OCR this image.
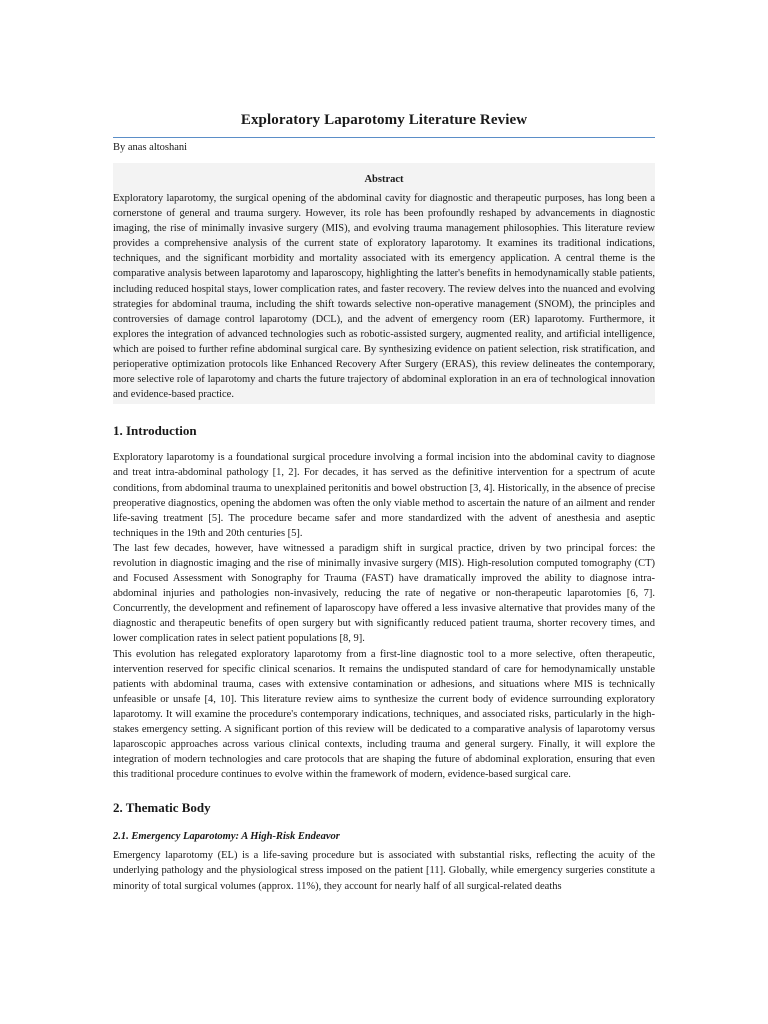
Exploratory Laparotomy Literature Review
By anas altoshani
Abstract

Exploratory laparotomy, the surgical opening of the abdominal cavity for diagnostic and therapeutic purposes, has long been a cornerstone of general and trauma surgery. However, its role has been profoundly reshaped by advancements in diagnostic imaging, the rise of minimally invasive surgery (MIS), and evolving trauma management philosophies. This literature review provides a comprehensive analysis of the current state of exploratory laparotomy. It examines its traditional indications, techniques, and the significant morbidity and mortality associated with its emergency application. A central theme is the comparative analysis between laparotomy and laparoscopy, highlighting the latter's benefits in hemodynamically stable patients, including reduced hospital stays, lower complication rates, and faster recovery. The review delves into the nuanced and evolving strategies for abdominal trauma, including the shift towards selective non-operative management (SNOM), the principles and controversies of damage control laparotomy (DCL), and the advent of emergency room (ER) laparotomy. Furthermore, it explores the integration of advanced technologies such as robotic-assisted surgery, augmented reality, and artificial intelligence, which are poised to further refine abdominal surgical care. By synthesizing evidence on patient selection, risk stratification, and perioperative optimization protocols like Enhanced Recovery After Surgery (ERAS), this review delineates the contemporary, more selective role of laparotomy and charts the future trajectory of abdominal exploration in an era of technological innovation and evidence-based practice.

1. Introduction

Exploratory laparotomy is a foundational surgical procedure involving a formal incision into the abdominal cavity to diagnose and treat intra-abdominal pathology [1, 2]. For decades, it has served as the definitive intervention for a spectrum of acute conditions, from abdominal trauma to unexplained peritonitis and bowel obstruction [3, 4]. Historically, in the absence of precise preoperative diagnostics, opening the abdomen was often the only viable method to ascertain the nature of an ailment and render life-saving treatment [5]. The procedure became safer and more standardized with the advent of anesthesia and aseptic techniques in the 19th and 20th centuries [5].

The last few decades, however, have witnessed a paradigm shift in surgical practice, driven by two principal forces: the revolution in diagnostic imaging and the rise of minimally invasive surgery (MIS). High-resolution computed tomography (CT) and Focused Assessment with Sonography for Trauma (FAST) have dramatically improved the ability to diagnose intra-abdominal injuries and pathologies non-invasively, reducing the rate of negative or non-therapeutic laparotomies [6, 7]. Concurrently, the development and refinement of laparoscopy have offered a less invasive alternative that provides many of the diagnostic and therapeutic benefits of open surgery but with significantly reduced patient trauma, shorter recovery times, and lower complication rates in select patient populations [8, 9].

This evolution has relegated exploratory laparotomy from a first-line diagnostic tool to a more selective, often therapeutic, intervention reserved for specific clinical scenarios. It remains the undisputed standard of care for hemodynamically unstable patients with abdominal trauma, cases with extensive contamination or adhesions, and situations where MIS is technically unfeasible or unsafe [4, 10]. This literature review aims to synthesize the current body of evidence surrounding exploratory laparotomy. It will examine the procedure's contemporary indications, techniques, and associated risks, particularly in the high-stakes emergency setting. A significant portion of this review will be dedicated to a comparative analysis of laparotomy versus laparoscopic approaches across various clinical contexts, including trauma and general surgery. Finally, it will explore the integration of modern technologies and care protocols that are shaping the future of abdominal exploration, ensuring that even this traditional procedure continues to evolve within the framework of modern, evidence-based surgical care.

2. Thematic Body
2.1. Emergency Laparotomy: A High-Risk Endeavor

Emergency laparotomy (EL) is a life-saving procedure but is associated with substantial risks, reflecting the acuity of the underlying pathology and the physiological stress imposed on the patient [11]. Globally, while emergency surgeries constitute a minority of total surgical volumes (approx. 11%), they account for nearly half of all surgical-related deaths
